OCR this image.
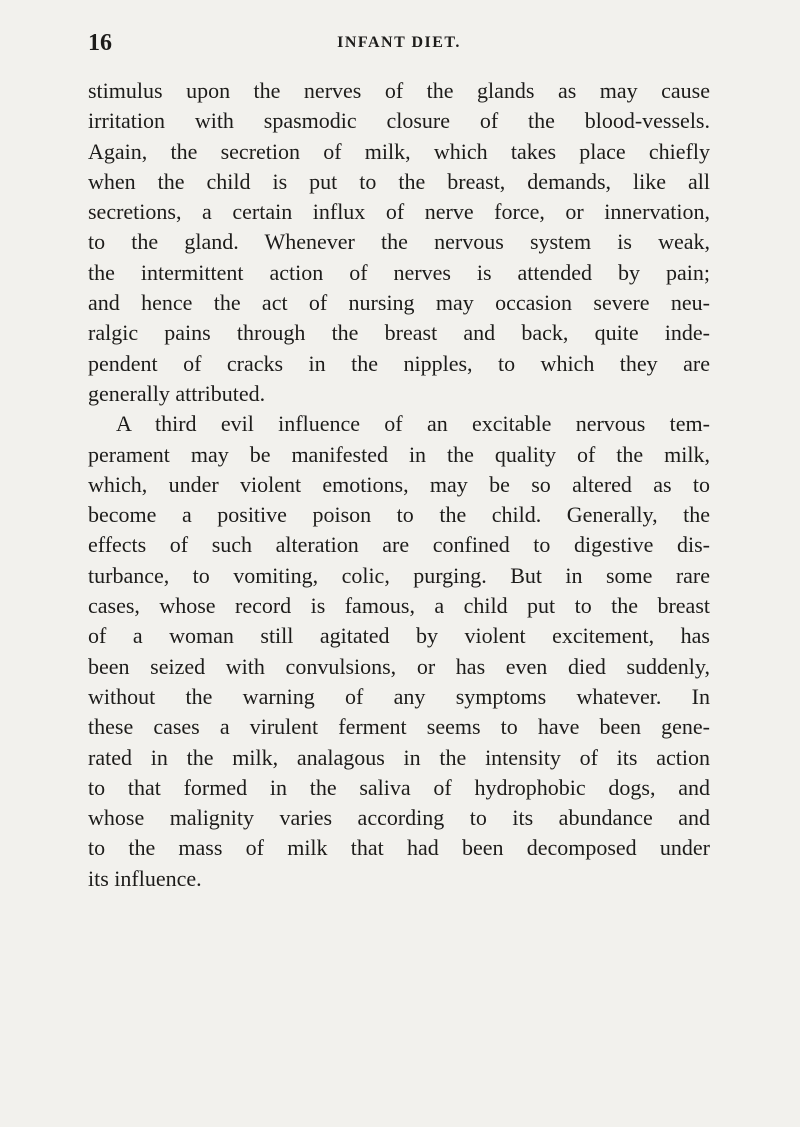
16	INFANT DIET.
stimulus upon the nerves of the glands as may cause
irritation with spasmodic closure of the blood-vessels.
Again, the secretion of milk, which takes place chiefly
when the child is put to the breast, demands, like all
secretions, a certain influx of nerve force, or innervation,
to the gland. Whenever the nervous system is weak,
the intermittent action of nerves is attended by pain;
and hence the act of nursing may occasion severe neu-
ralgic pains through the breast and back, quite inde-
pendent of cracks in the nipples, to which they are
generally attributed.
A third evil influence of an excitable nervous tem-
perament may be manifested in the quality of the milk,
which, under violent emotions, may be so altered as to
become a positive poison to the child. Generally, the
effects of such alteration are confined to digestive dis-
turbance, to vomiting, colic, purging. But in some rare
cases, whose record is famous, a child put to the breast
of a woman still agitated by violent excitement, has
been seized with convulsions, or has even died suddenly,
without the warning of any symptoms whatever. In
these cases a virulent ferment seems to have been gene-
rated in the milk, analagous in the intensity of its action
to that formed in the saliva of hydrophobic dogs, and
whose malignity varies according to its abundance and
to the mass of milk that had been decomposed under
its influence.
